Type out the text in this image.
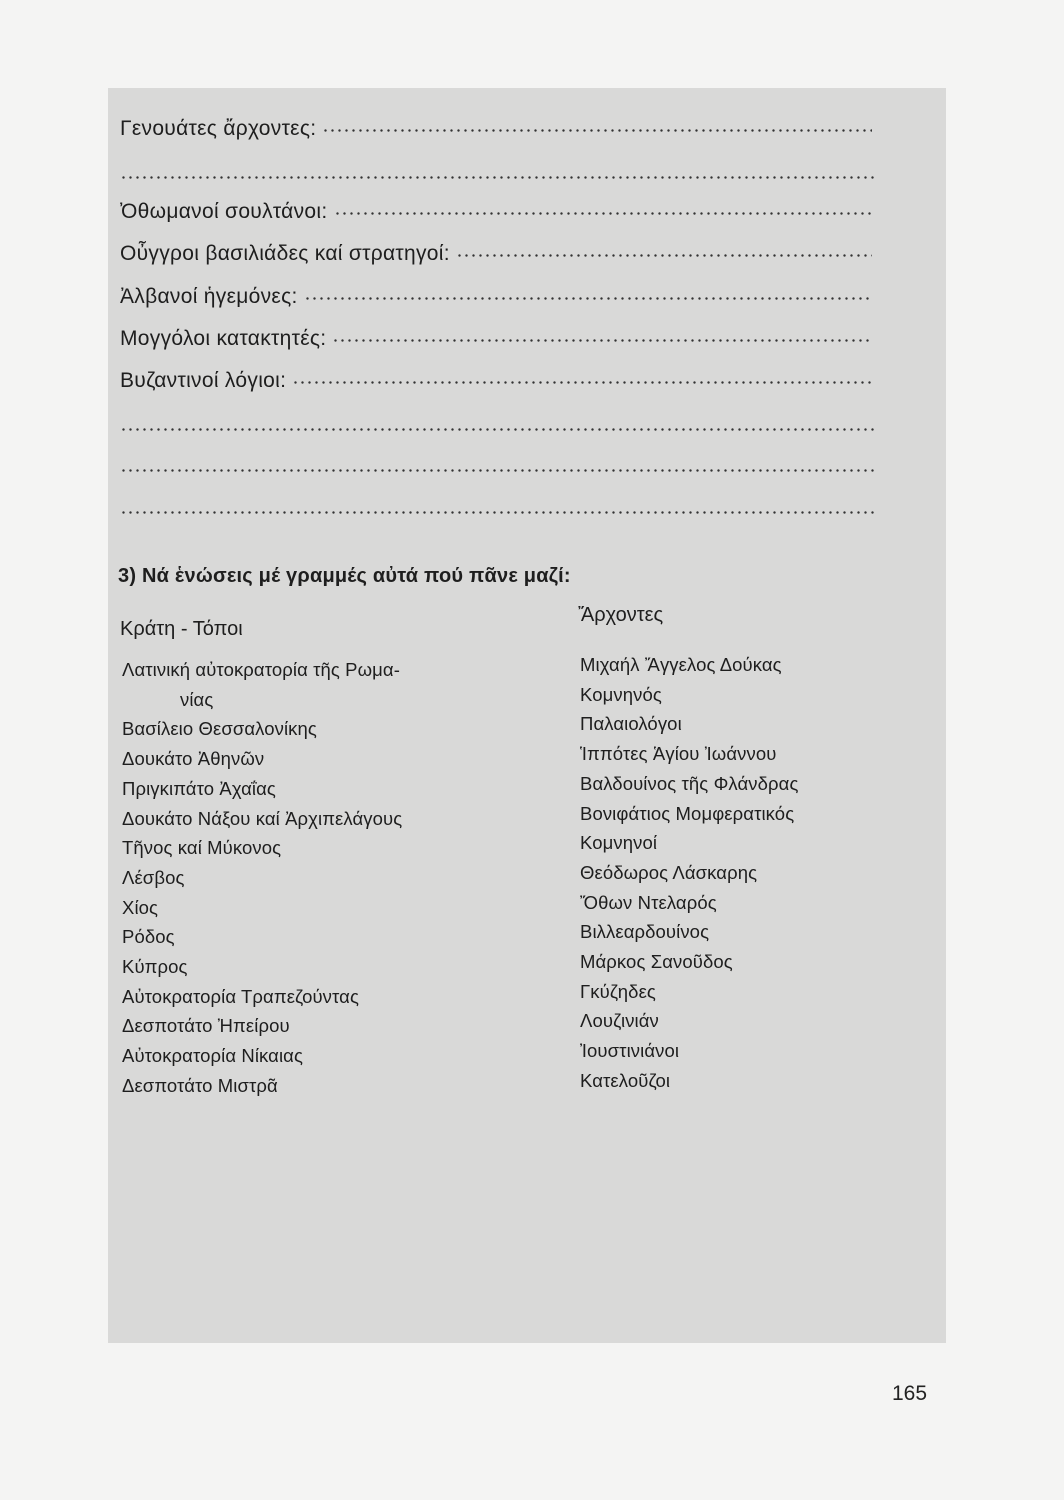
Γενουάτες ἄρχοντες:
Ὀθωμανοί σουλτάνοι:
Οὖγγροι βασιλιάδες καί στρατηγοί:
Ἀλβανοί ἡγεμόνες:
Μογγόλοι κατακτητές:
Βυζαντινοί λόγιοι:
3) Νά ἑνώσεις μέ γραμμές αὐτά πού πᾶνε μαζί:
Κράτη - Τόποι
Ἄρχοντες
Λατινική αὐτοκρατορία τῆς Ρωμα-
νίας
Βασίλειο Θεσσαλονίκης
Δουκάτο Ἀθηνῶν
Πριγκιπάτο Ἀχαΐας
Δουκάτο Νάξου καί Ἀρχιπελάγους
Τῆνος καί Μύκονος
Λέσβος
Χίος
Ρόδος
Κύπρος
Αὐτοκρατορία Τραπεζούντας
Δεσποτάτο Ἠπείρου
Αὐτοκρατορία Νίκαιας
Δεσποτάτο Μιστρᾶ
Μιχαήλ Ἄγγελος Δούκας
Κομνηνός
Παλαιολόγοι
Ἱππότες Ἁγίου Ἰωάννου
Βαλδουίνος τῆς Φλάνδρας
Βονιφάτιος Μομφερατικός
Κομνηνοί
Θεόδωρος Λάσκαρης
Ὄθων Ντελαρός
Βιλλεαρδουίνος
Μάρκος Σανοῦδος
Γκύζηδες
Λουζινιάν
Ἰουστινιάνοι
Κατελοῦζοι
165
